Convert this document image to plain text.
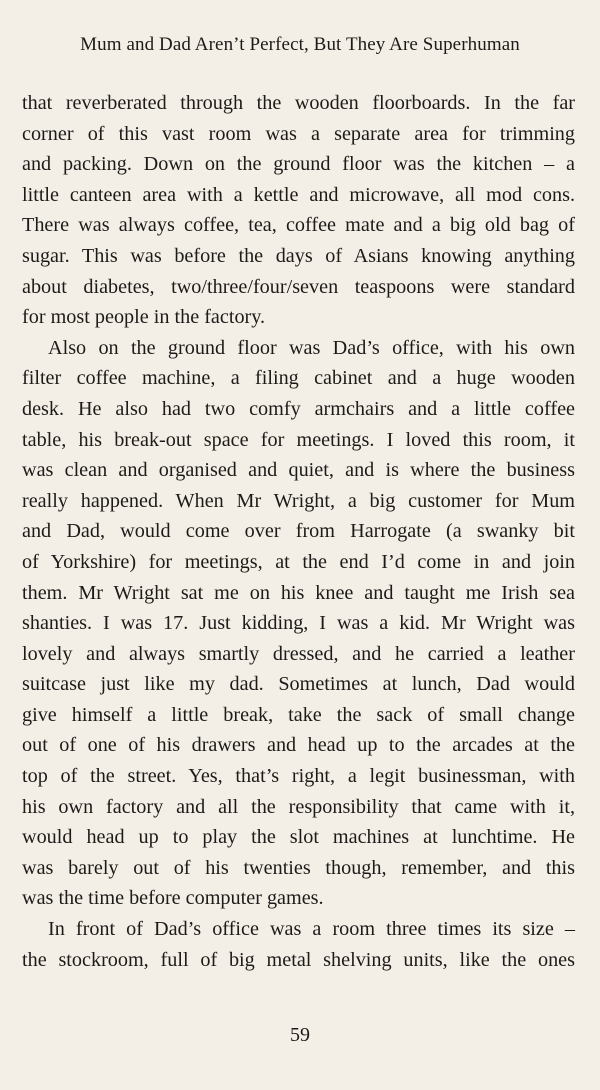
Mum and Dad Aren’t Perfect, But They Are Superhuman
that reverberated through the wooden floorboards. In the far
corner of this vast room was a separate area for trimming
and packing. Down on the ground floor was the kitchen – a
little canteen area with a kettle and microwave, all mod cons.
There was always coffee, tea, coffee mate and a big old bag of
sugar. This was before the days of Asians knowing anything
about diabetes, two/three/four/seven teaspoons were standard
for most people in the factory.
Also on the ground floor was Dad’s office, with his own
filter coffee machine, a filing cabinet and a huge wooden
desk. He also had two comfy armchairs and a little coffee
table, his break-out space for meetings. I loved this room, it
was clean and organised and quiet, and is where the business
really happened. When Mr Wright, a big customer for Mum
and Dad, would come over from Harrogate (a swanky bit
of Yorkshire) for meetings, at the end I’d come in and join
them. Mr Wright sat me on his knee and taught me Irish sea
shanties. I was 17. Just kidding, I was a kid. Mr Wright was
lovely and always smartly dressed, and he carried a leather
suitcase just like my dad. Sometimes at lunch, Dad would
give himself a little break, take the sack of small change
out of one of his drawers and head up to the arcades at the
top of the street. Yes, that’s right, a legit businessman, with
his own factory and all the responsibility that came with it,
would head up to play the slot machines at lunchtime. He
was barely out of his twenties though, remember, and this
was the time before computer games.
In front of Dad’s office was a room three times its size –
the stockroom, full of big metal shelving units, like the ones
59
